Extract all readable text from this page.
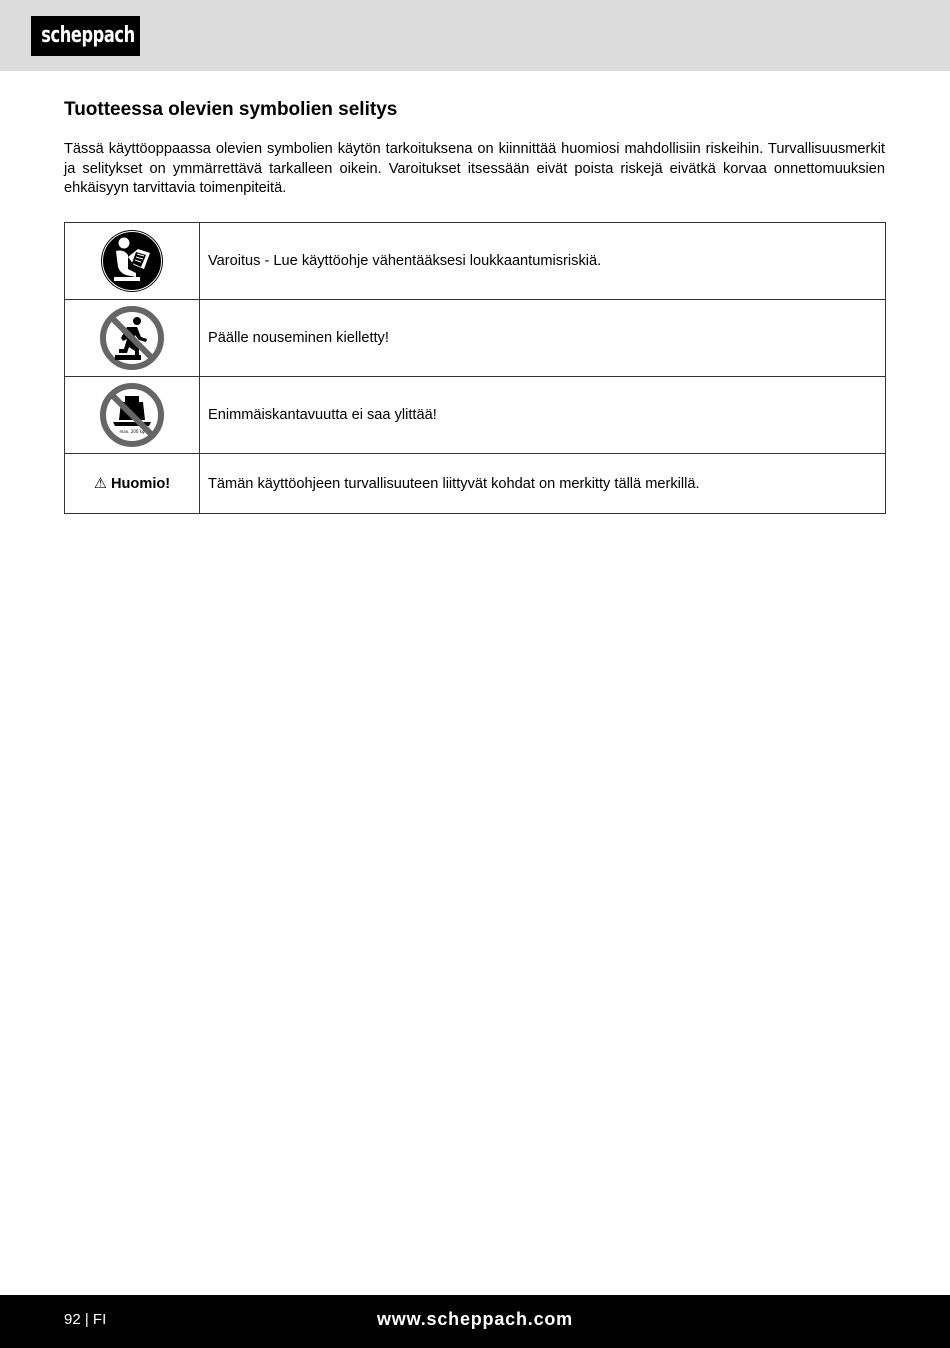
scheppach
Tuotteessa olevien symbolien selitys

Tässä käyttöoppaassa olevien symbolien käytön tarkoituksena on kiinnittää huomiosi mahdollisiin riskeihin. Turvallisuusmerkit ja selitykset on ymmärrettävä tarkalleen oikein. Varoitukset itsessään eivät poista riskejä eivätkä korvaa onnettomuuksien ehkäisyyn tarvittavia toimenpiteitä.

	Varoitus - Lue käyttöohje vähentääksesi loukkaantumisriskiä.

	Päälle nouseminen kielletty!

max. 200 kg	Enimmäiskantavuutta ei saa ylittää!
⚠ Huomio!	Tämän käyttöohjeen turvallisuuteen liittyvät kohdat on merkitty tällä merkillä.
92 | FI	www.scheppach.com
